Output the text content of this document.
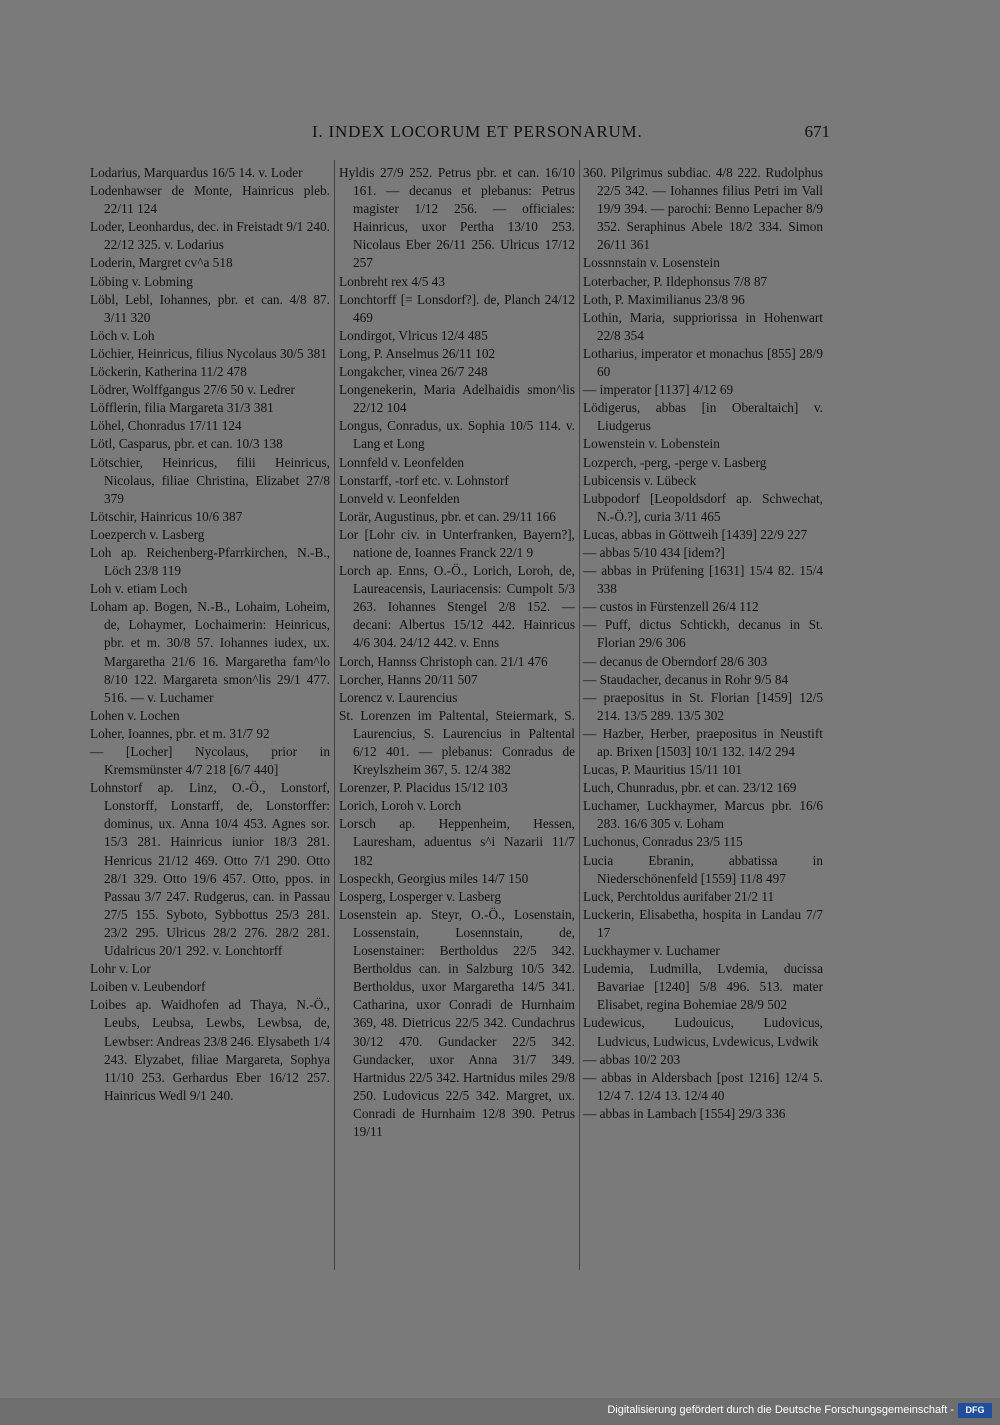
I. INDEX LOCORUM ET PERSONARUM.	671

Lodarius, Marquardus 16/5 14. v. Loder

Lodenhawser de Monte, Hainricus pleb. 22/11 124

Loder, Leonhardus, dec. in Freistadt 9/1 240. 22/12 325. v. Lodarius

Loderin, Margret cv^a 518

Löbing v. Lobming

Löbl, Lebl, Iohannes, pbr. et can. 4/8 87. 3/11 320

Löch v. Loh

Löchier, Heinricus, filius Nycolaus 30/5 381

Löckerin, Katherina 11/2 478

Lödrer, Wolffgangus 27/6 50 v. Ledrer

Löfflerin, filia Margareta 31/3 381

Löhel, Chonradus 17/11 124

Lötl, Casparus, pbr. et can. 10/3 138

Lötschier, Heinricus, filii Heinricus, Nicolaus, filiae Christina, Elizabet 27/8 379

Lötschir, Hainricus 10/6 387

Loezperch v. Lasberg

Loh ap. Reichenberg-Pfarrkirchen, N.-B., Löch 23/8 119

Loh v. etiam Loch

Loham ap. Bogen, N.-B., Lohaim, Loheim, de, Lohaymer, Lochaimerin: Heinricus, pbr. et m. 30/8 57. Iohannes iudex, ux. Margaretha 21/6 16. Margaretha fam^lo 8/10 122. Margareta smon^lis 29/1 477. 516. — v. Luchamer

Lohen v. Lochen

Loher, Ioannes, pbr. et m. 31/7 92

— [Locher] Nycolaus, prior in Kremsmünster 4/7 218 [6/7 440]

Lohnstorf ap. Linz, O.-Ö., Lonstorf, Lonstorff, Lonstarff, de, Lonstorffer: dominus, ux. Anna 10/4 453. Agnes sor. 15/3 281. Hainricus iunior 18/3 281. Henricus 21/12 469. Otto 7/1 290. Otto 28/1 329. Otto 19/6 457. Otto, ppos. in Passau 3/7 247. Rudgerus, can. in Passau 27/5 155. Syboto, Sybbottus 25/3 281. 23/2 295. Ulricus 28/2 276. 28/2 281. Udalricus 20/1 292. v. Lonchtorff

Lohr v. Lor

Loiben v. Leubendorf

Loibes ap. Waidhofen ad Thaya, N.-Ö., Leubs, Leubsa, Lewbs, Lewbsa, de, Lewbser: Andreas 23/8 246. Elysabeth 1/4 243. Elyzabet, filiae Margareta, Sophya 11/10 253. Gerhardus Eber 16/12 257. Hainricus Wedl 9/1 240.

Hyldis 27/9 252. Petrus pbr. et can. 16/10 161. — decanus et plebanus: Petrus magister 1/12 256. — officiales: Hainricus, uxor Pertha 13/10 253. Nicolaus Eber 26/11 256. Ulricus 17/12 257

Lonbreht rex 4/5 43

Lonchtorff [= Lonsdorf?]. de, Planch 24/12 469

Londirgot, Vlricus 12/4 485

Long, P. Anselmus 26/11 102

Longakcher, vinea 26/7 248

Longenekerin, Maria Adelhaidis smon^lis 22/12 104

Longus, Conradus, ux. Sophia 10/5 114. v. Lang et Long

Lonnfeld v. Leonfelden

Lonstarff, -torf etc. v. Lohnstorf

Lonveld v. Leonfelden

Lorär, Augustinus, pbr. et can. 29/11 166

Lor [Lohr civ. in Unterfranken, Bayern?], natione de, Ioannes Franck 22/1 9

Lorch ap. Enns, O.-Ö., Lorich, Loroh, de, Laureacensis, Lauriacensis: Cumpolt 5/3 263. Iohannes Stengel 2/8 152. — decani: Albertus 15/12 442. Hainricus 4/6 304. 24/12 442. v. Enns

Lorch, Hannss Christoph can. 21/1 476

Lorcher, Hanns 20/11 507

Lorencz v. Laurencius

St. Lorenzen im Paltental, Steiermark, S. Laurencius, S. Laurencius in Paltental 6/12 401. — plebanus: Conradus de Kreylszheim 367, 5. 12/4 382

Lorenzer, P. Placidus 15/12 103

Lorich, Loroh v. Lorch

Lorsch ap. Heppenheim, Hessen, Lauresham, aduentus s^i Nazarii 11/7 182

Lospeckh, Georgius miles 14/7 150

Losperg, Losperger v. Lasberg

Losenstein ap. Steyr, O.-Ö., Losenstain, Lossenstain, Losennstain, de, Losenstainer: Bertholdus 22/5 342. Bertholdus can. in Salzburg 10/5 342. Bertholdus, uxor Margaretha 14/5 341. Catharina, uxor Conradi de Hurnhaim 369, 48. Dietricus 22/5 342. Cundachrus 30/12 470. Gundacker 22/5 342. Gundacker, uxor Anna 31/7 349. Hartnidus 22/5 342. Hartnidus miles 29/8 250. Ludovicus 22/5 342. Margret, ux. Conradi de Hurnhaim 12/8 390. Petrus 19/11

360. Pilgrimus subdiac. 4/8 222. Rudolphus 22/5 342. — Iohannes filius Petri im Vall 19/9 394. — parochi: Benno Lepacher 8/9 352. Seraphinus Abele 18/2 334. Simon 26/11 361

Lossnnstain v. Losenstein

Loterbacher, P. Ildephonsus 7/8 87

Loth, P. Maximilianus 23/8 96

Lothin, Maria, suppriorissa in Hohenwart 22/8 354

Lotharius, imperator et monachus [855] 28/9 60

— imperator [1137] 4/12 69

Lödigerus, abbas [in Oberaltaich] v. Liudgerus

Lowenstein v. Lobenstein

Lozperch, -perg, -perge v. Lasberg

Lubicensis v. Lübeck

Lubpodorf [Leopoldsdorf ap. Schwechat, N.-Ö.?], curia 3/11 465

Lucas, abbas in Göttweih [1439] 22/9 227

— abbas 5/10 434 [idem?]

— abbas in Prüfening [1631] 15/4 82. 15/4 338

— custos in Fürstenzell 26/4 112

— Puff, dictus Schtickh, decanus in St. Florian 29/6 306

— decanus de Oberndorf 28/6 303

— Staudacher, decanus in Rohr 9/5 84

— praepositus in St. Florian [1459] 12/5 214. 13/5 289. 13/5 302

— Hazber, Herber, praepositus in Neustift ap. Brixen [1503] 10/1 132. 14/2 294

Lucas, P. Mauritius 15/11 101

Luch, Chunradus, pbr. et can. 23/12 169

Luchamer, Luckhaymer, Marcus pbr. 16/6 283. 16/6 305 v. Loham

Luchonus, Conradus 23/5 115

Lucia Ebranin, abbatissa in Niederschönenfeld [1559] 11/8 497

Luck, Perchtoldus aurifaber 21/2 11

Luckerin, Elisabetha, hospita in Landau 7/7 17

Luckhaymer v. Luchamer

Ludemia, Ludmilla, Lvdemia, ducissa Bavariae [1240] 5/8 496. 513. mater Elisabet, regina Bohemiae 28/9 502

Ludewicus, Ludouicus, Ludovicus, Ludvicus, Ludwicus, Lvdewicus, Lvdwik

— abbas 10/2 203

— abbas in Aldersbach [post 1216] 12/4 5. 12/4 7. 12/4 13. 12/4 40

— abbas in Lambach [1554] 29/3 336

Digitalisierung gefördert durch die Deutsche Forschungsgemeinschaft -	DFG
